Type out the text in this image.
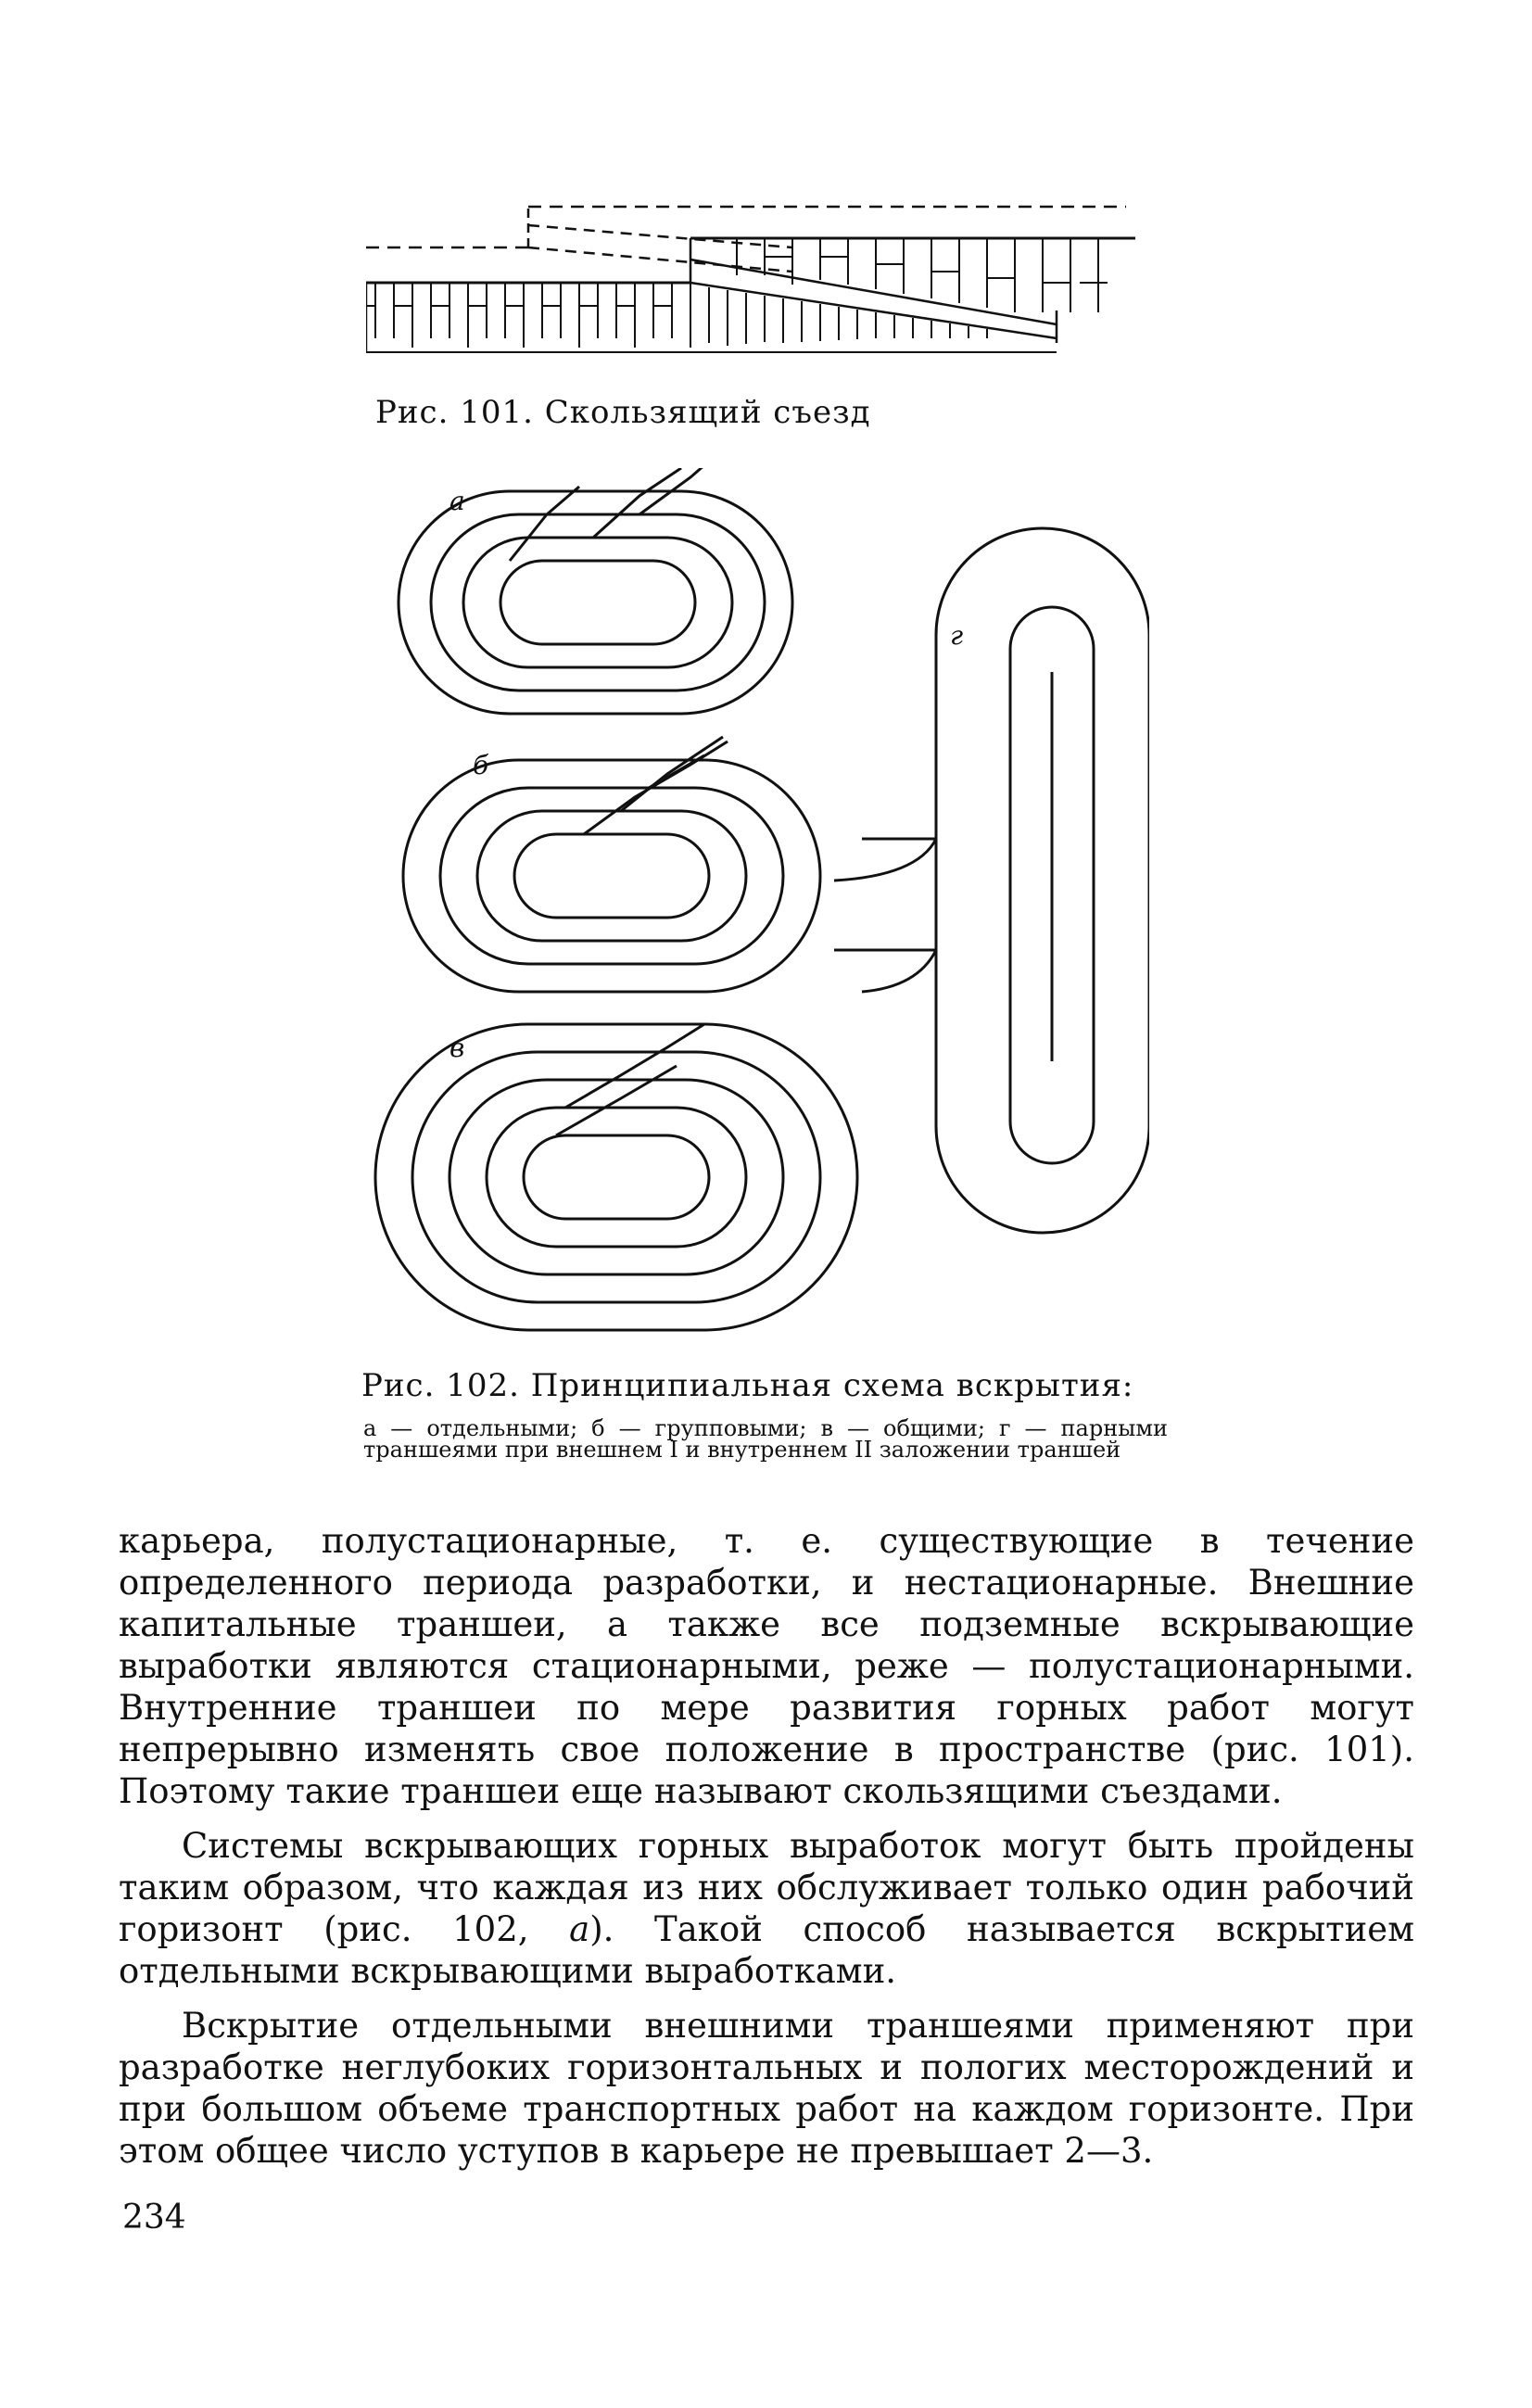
Рис. 101. Скользящий съезд
а
б
в
г
Рис. 102. Принципиальная схема вскрытия:

а — отдельными; б — групповыми; в — общими; г — парными траншеями при внешнем I и внутреннем II заложении траншей

карьера, полустационарные, т. е. существующие в течение определенного периода разработки, и нестационарные. Внешние капитальные траншеи, а также все подземные вскрывающие выработки являются стационарными, реже — полустационарными. Внутренние траншеи по мере развития горных работ могут непрерывно изменять свое положение в пространстве (рис. 101). Поэтому такие траншеи еще называют скользящими съездами.

Системы вскрывающих горных выработок могут быть пройдены таким образом, что каждая из них обслуживает только один рабочий горизонт (рис. 102, а). Такой способ называется вскрытием отдельными вскрывающими выработками.

Вскрытие отдельными внешними траншеями применяют при разработке неглубоких горизонтальных и пологих месторождений и при большом объеме транспортных работ на каждом горизонте. При этом общее число уступов в карьере не превышает 2—3.

234
